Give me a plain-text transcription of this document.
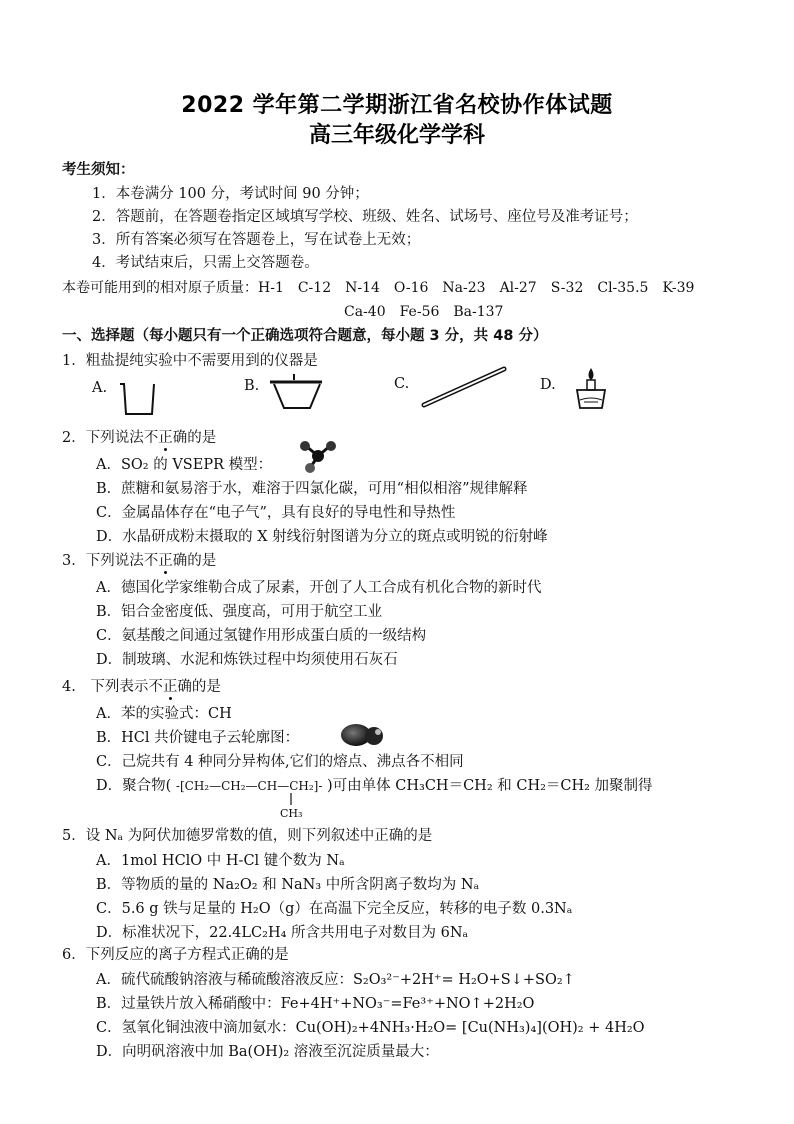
2022 学年第二学期浙江省名校协作体试题
高三年级化学学科
考生须知：
1．本卷满分 100 分，考试时间 90 分钟；
2．答题前，在答题卷指定区域填写学校、班级、姓名、试场号、座位号及准考证号；
3．所有答案必须写在答题卷上，写在试卷上无效；
4．考试结束后，只需上交答题卷。
本卷可能用到的相对原子质量：H-1　C-12　N-14　O-16　Na-23　Al-27　S-32　Cl-35.5　K-39
Ca-40　Fe-56　Ba-137
一、选择题（每小题只有一个正确选项符合题意，每小题 3 分，共 48 分）
1．粗盐提纯实验中不需要用到的仪器是
A.	B.	C.	D.
2．下列说法不正确的是
A．SO₂ 的 VSEPR 模型：
B．蔗糖和氨易溶于水，难溶于四氯化碳，可用“相似相溶”规律解释
C．金属晶体存在“电子气”，具有良好的导电性和导热性
D．水晶研成粉末摄取的 X 射线衍射图谱为分立的斑点或明锐的衍射峰
3．下列说法不正确的是
A．德国化学家维勒合成了尿素，开创了人工合成有机化合物的新时代
B．铝合金密度低、强度高，可用于航空工业
C．氨基酸之间通过氢键作用形成蛋白质的一级结构
D．制玻璃、水泥和炼铁过程中均须使用石灰石
4.　下列表示不正确的是
A．苯的实验式：CH
B．HCl 共价键电子云轮廓图：
C．己烷共有 4 种同分异构体,它们的熔点、沸点各不相同
D．聚合物( -[CH₂—CH₂—CH—CH₂]- )可由单体 CH₃CH＝CH₂ 和 CH₂＝CH₂ 加聚制得
CH₃
5．设 Nₐ 为阿伏加德罗常数的值，则下列叙述中正确的是
A．1mol HClO 中 H-Cl 键个数为 Nₐ
B．等物质的量的 Na₂O₂ 和 NaN₃ 中所含阴离子数均为 Nₐ
C．5.6 g 铁与足量的 H₂O（g）在高温下完全反应，转移的电子数 0.3Nₐ
D．标准状况下，22.4LC₂H₄ 所含共用电子对数目为 6Nₐ
6．下列反应的离子方程式正确的是
A．硫代硫酸钠溶液与稀硫酸溶液反应：S₂O₃²⁻+2H⁺= H₂O+S↓+SO₂↑
B．过量铁片放入稀硝酸中：Fe+4H⁺+NO₃⁻=Fe³⁺+NO↑+2H₂O
C．氢氧化铜浊液中滴加氨水：Cu(OH)₂+4NH₃·H₂O= [Cu(NH₃)₄](OH)₂ + 4H₂O
D．向明矾溶液中加 Ba(OH)₂ 溶液至沉淀质量最大：
